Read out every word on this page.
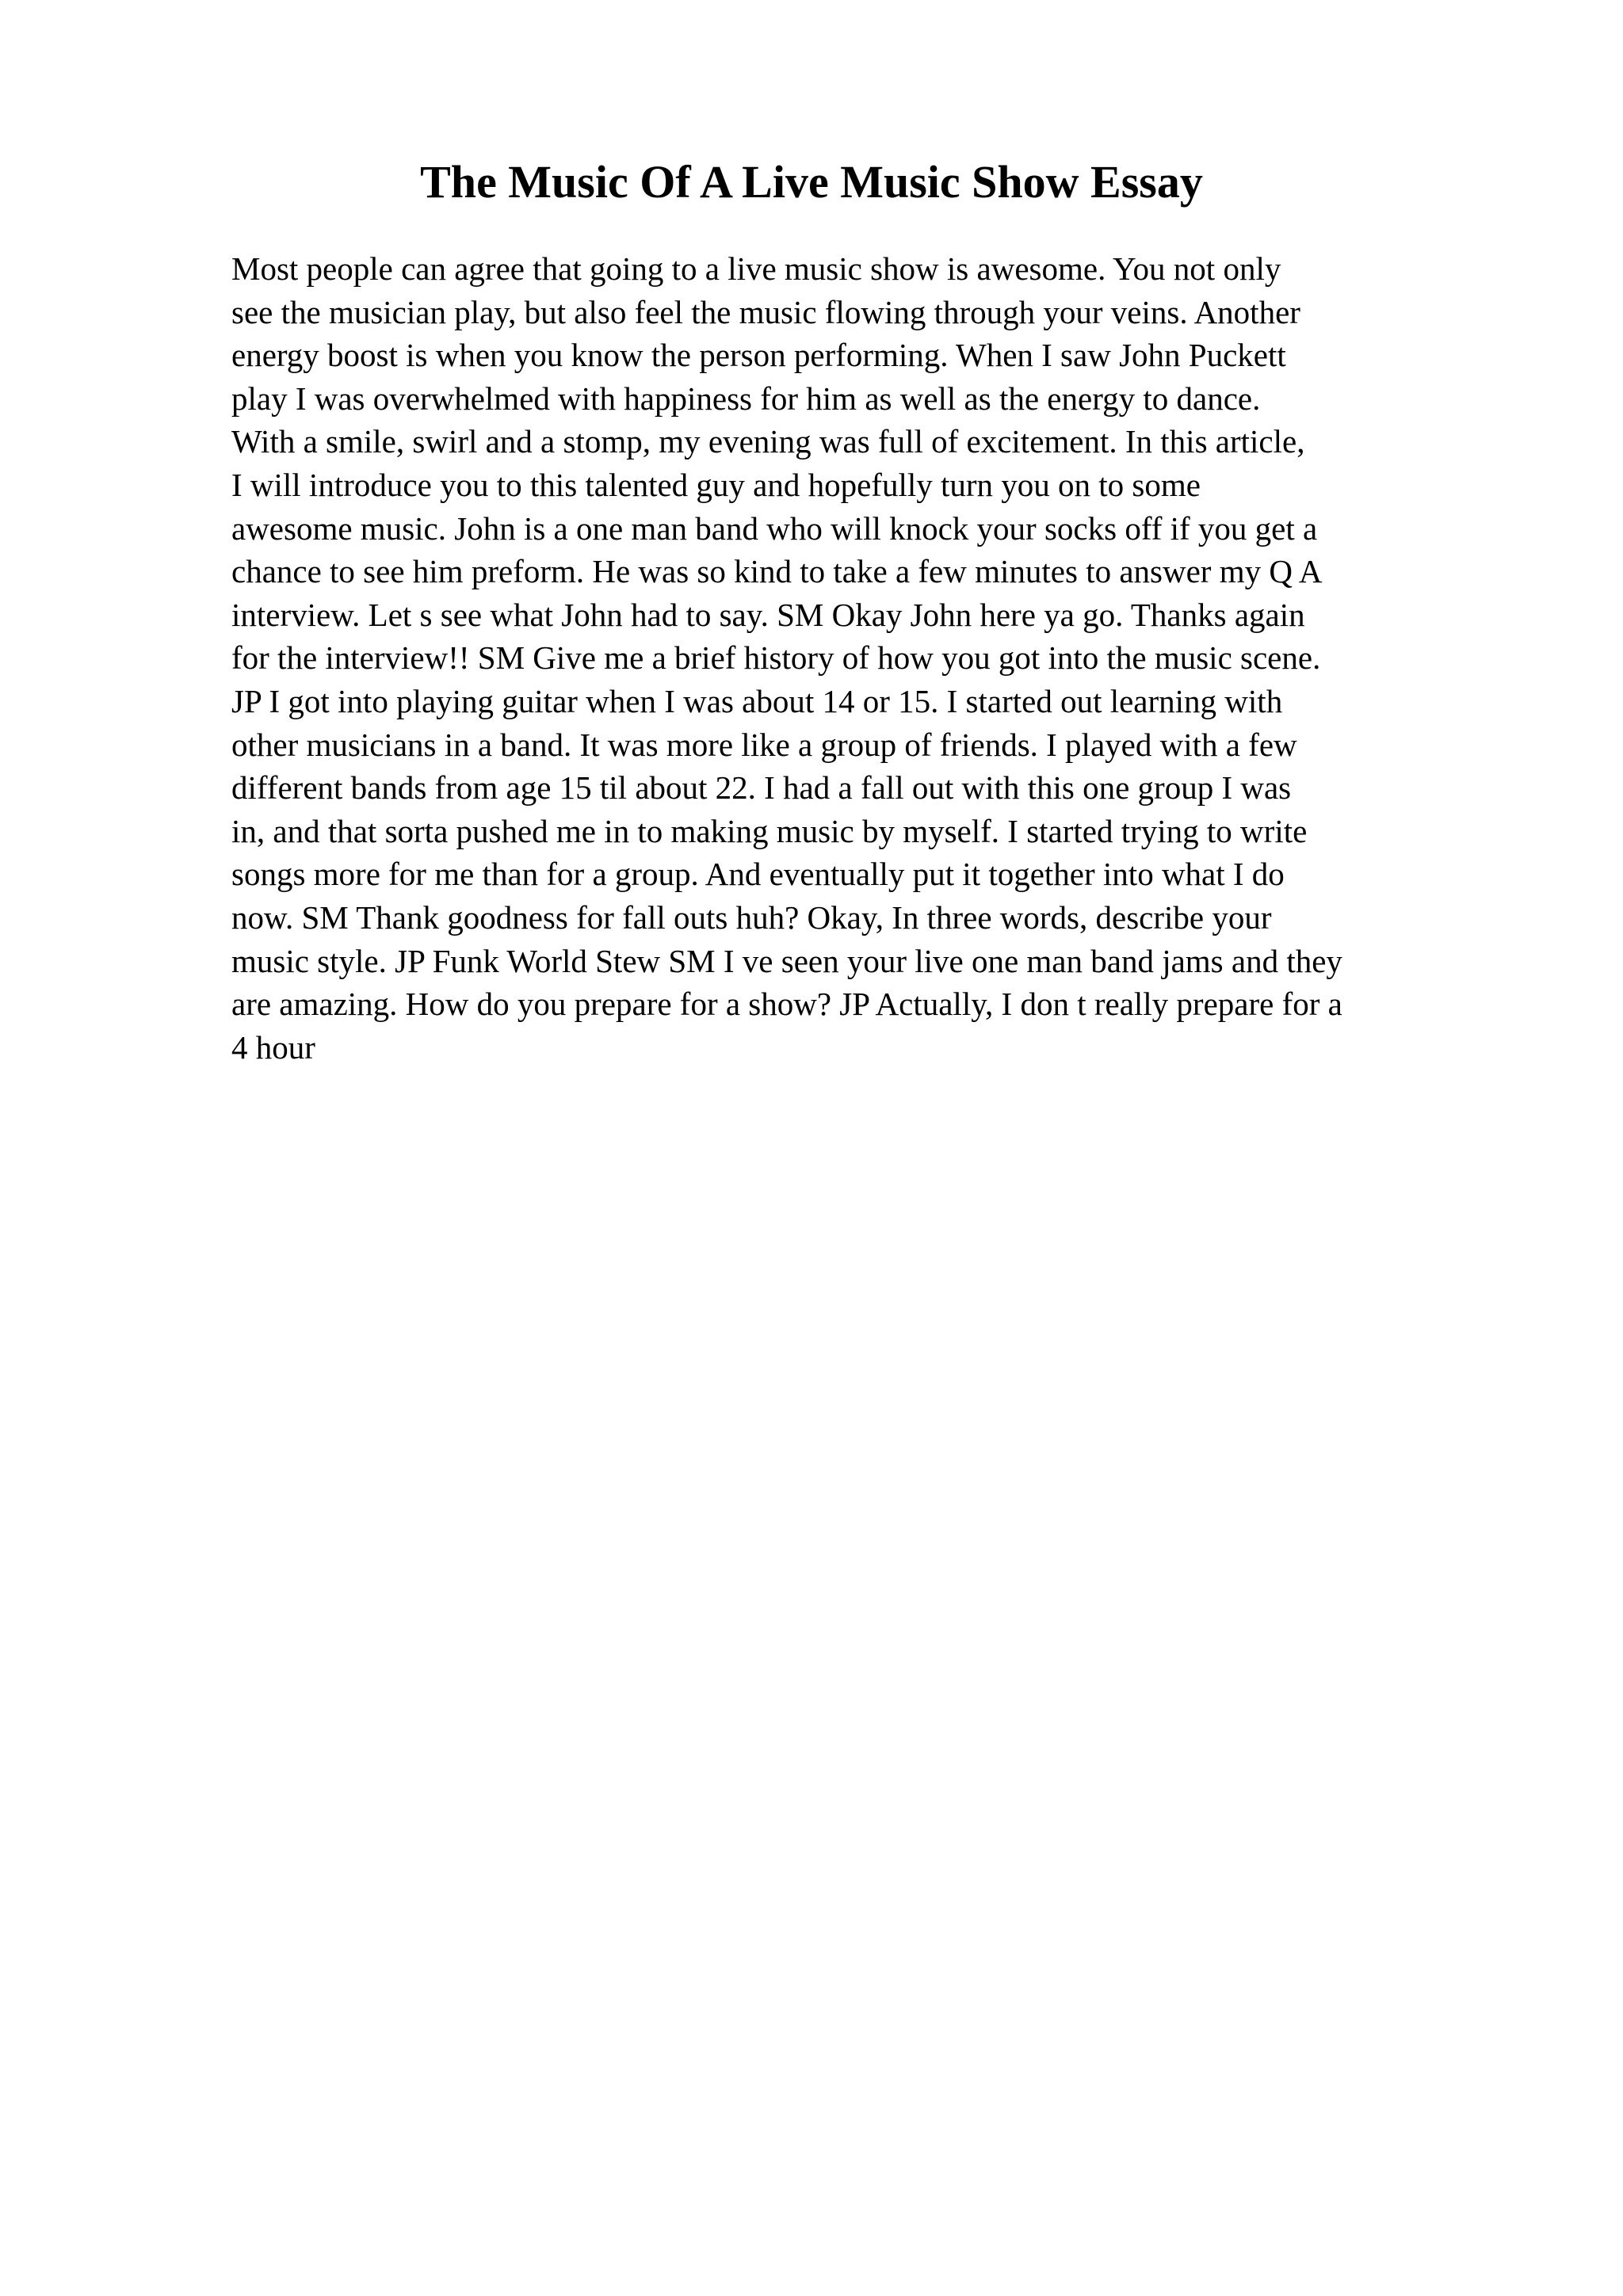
The Music Of A Live Music Show Essay
Most people can agree that going to a live music show is awesome. You not only
see the musician play, but also feel the music flowing through your veins. Another
energy boost is when you know the person performing. When I saw John Puckett
play I was overwhelmed with happiness for him as well as the energy to dance.
With a smile, swirl and a stomp, my evening was full of excitement. In this article,
I will introduce you to this talented guy and hopefully turn you on to some
awesome music. John is a one man band who will knock your socks off if you get a
chance to see him preform. He was so kind to take a few minutes to answer my Q A
interview. Let s see what John had to say. SM Okay John here ya go. Thanks again
for the interview!! SM Give me a brief history of how you got into the music scene.
JP I got into playing guitar when I was about 14 or 15. I started out learning with
other musicians in a band. It was more like a group of friends. I played with a few
different bands from age 15 til about 22. I had a fall out with this one group I was
in, and that sorta pushed me in to making music by myself. I started trying to write
songs more for me than for a group. And eventually put it together into what I do
now. SM Thank goodness for fall outs huh? Okay, In three words, describe your
music style. JP Funk World Stew SM I ve seen your live one man band jams and they
are amazing. How do you prepare for a show? JP Actually, I don t really prepare for a
4 hour
